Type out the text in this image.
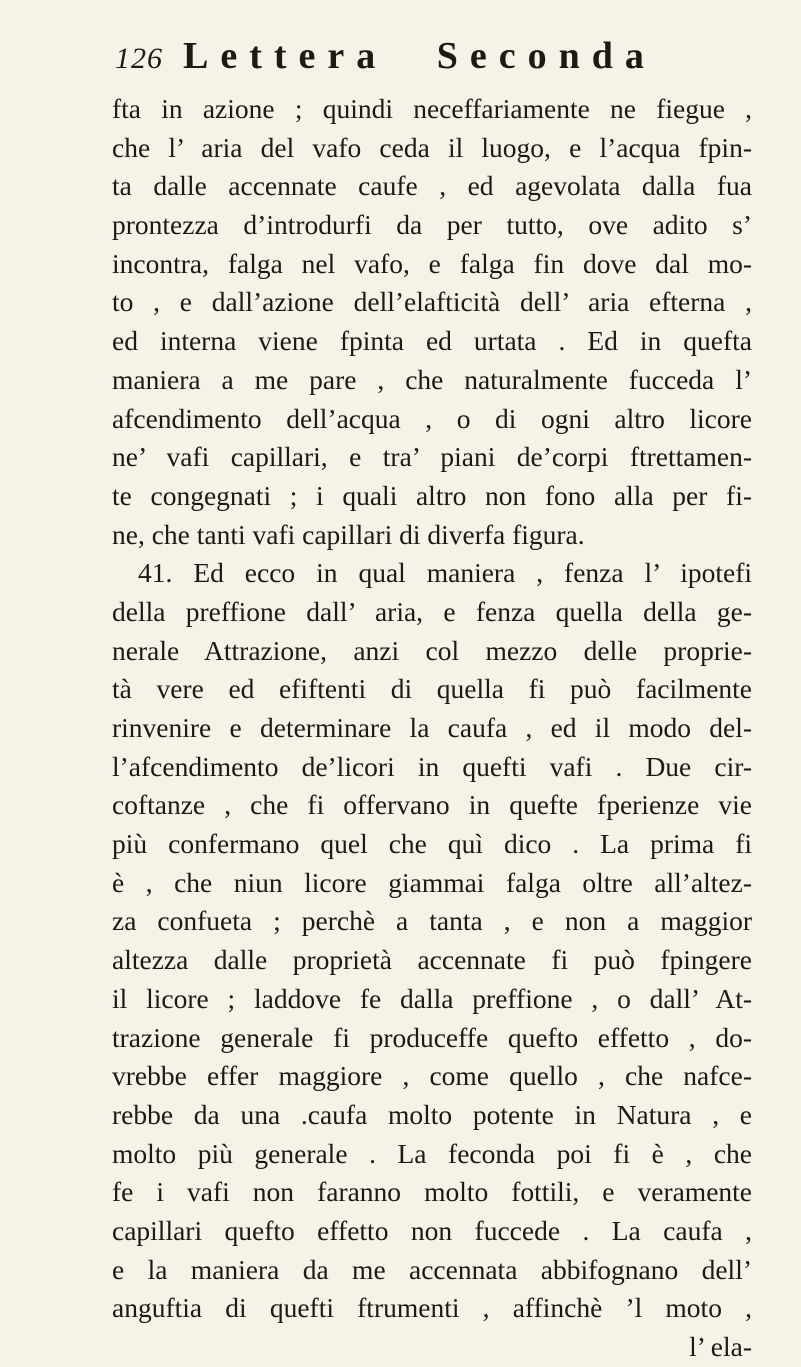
126 Lettera Seconda
fta in azione ; quindi neceffariamente ne fiegue ,
che l’ aria del vafo ceda il luogo, e l’acqua fpin-
ta dalle accennate caufe , ed agevolata dalla fua
prontezza d’introdurfi da per tutto, ove adito s’
incontra, falga nel vafo, e falga fin dove dal mo-
to , e dall’azione dell’elafticità dell’ aria efterna ,
ed interna viene fpinta ed urtata . Ed in quefta
maniera a me pare , che naturalmente fucceda l’
afcendimento dell’acqua , o di ogni altro licore
ne’ vafi capillari, e tra’ piani de’corpi ftrettamen-
te congegnati ; i quali altro non fono alla per fi-
ne, che tanti vafi capillari di diverfa figura.
41. Ed ecco in qual maniera , fenza l’ ipotefi
della preffione dall’ aria, e fenza quella della ge-
nerale Attrazione, anzi col mezzo delle proprie-
tà vere ed efiftenti di quella fi può facilmente
rinvenire e determinare la caufa , ed il modo del-
l’afcendimento de’licori in quefti vafi . Due cir-
coftanze , che fi offervano in quefte fperienze vie
più confermano quel che quì dico . La prima fi
è , che niun licore giammai falga oltre all’altez-
za confueta ; perchè a tanta , e non a maggior
altezza dalle proprietà accennate fi può fpingere
il licore ; laddove fe dalla preffione , o dall’ At-
trazione generale fi produceffe quefto effetto , do-
vrebbe effer maggiore , come quello , che nafce-
rebbe da una .caufa molto potente in Natura , e
molto più generale . La feconda poi fi è , che
fe i vafi non faranno molto fottili, e veramente
capillari quefto effetto non fuccede . La caufa ,
e la maniera da me accennata abbifognano dell’
anguftia di quefti ftrumenti , affinchè ’l moto ,
l’ ela-
